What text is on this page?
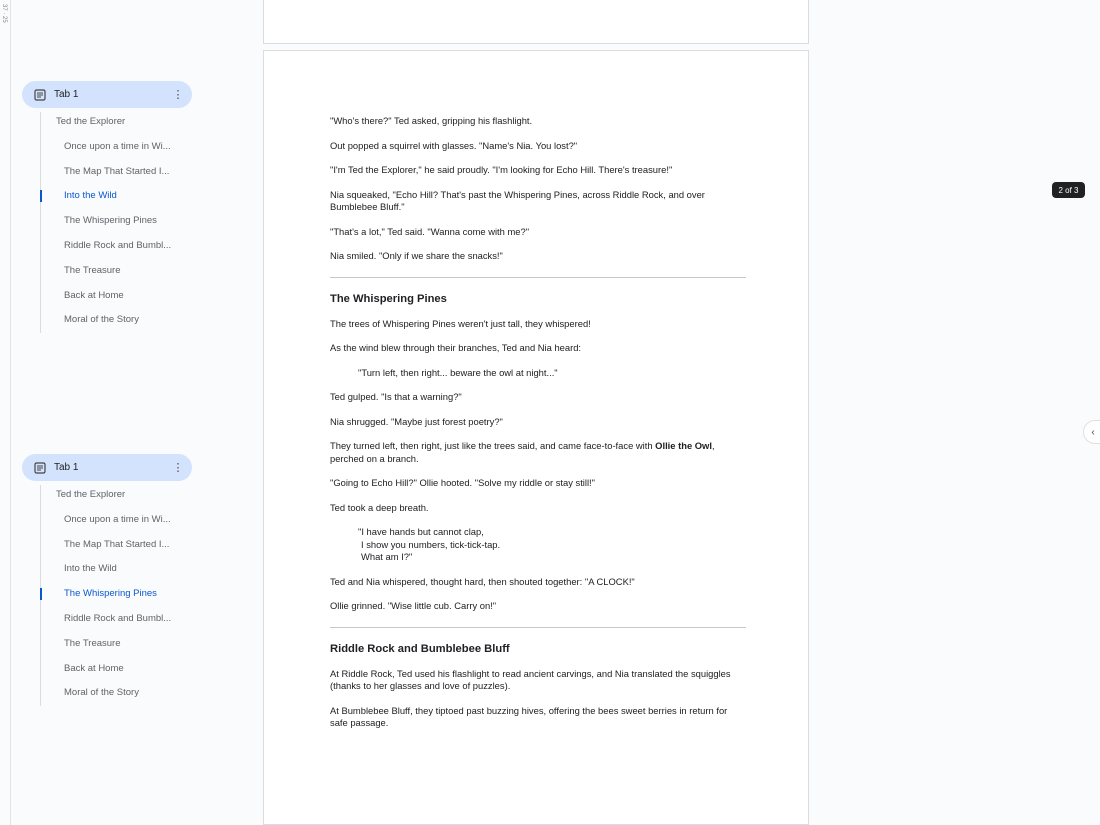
37 · 25
Tab 1	⋮
Ted the Explorer
Once upon a time in Wi...
The Map That Started I...
Into the Wild
The Whispering Pines
Riddle Rock and Bumbl...
The Treasure
Back at Home
Moral of the Story
Tab 1	⋮
Ted the Explorer
Once upon a time in Wi...
The Map That Started I...
Into the Wild
The Whispering Pines
Riddle Rock and Bumbl...
The Treasure
Back at Home
Moral of the Story

"Who's there?" Ted asked, gripping his flashlight.

Out popped a squirrel with glasses. "Name's Nia. You lost?"

"I'm Ted the Explorer," he said proudly. "I'm looking for Echo Hill. There's treasure!"

Nia squeaked, "Echo Hill? That's past the Whispering Pines, across Riddle Rock, and over Bumblebee Bluff."

"That's a lot," Ted said. "Wanna come with me?"

Nia smiled. "Only if we share the snacks!"

The Whispering Pines

The trees of Whispering Pines weren't just tall, they whispered!

As the wind blew through their branches, Ted and Nia heard:

"Turn left, then right... beware the owl at night..."

Ted gulped. "Is that a warning?"

Nia shrugged. "Maybe just forest poetry?"

They turned left, then right, just like the trees said, and came face-to-face with Ollie the Owl, perched on a branch.

"Going to Echo Hill?" Ollie hooted. "Solve my riddle or stay still!"

Ted took a deep breath.

"I have hands but cannot clap,
I show you numbers, tick-tick-tap.
What am I?"

Ted and Nia whispered, thought hard, then shouted together: "A CLOCK!"

Ollie grinned. "Wise little cub. Carry on!"

Riddle Rock and Bumblebee Bluff

At Riddle Rock, Ted used his flashlight to read ancient carvings, and Nia translated the squiggles (thanks to her glasses and love of puzzles).

At Bumblebee Bluff, they tiptoed past buzzing hives, offering the bees sweet berries in return for safe passage.

2 of 3
‹
